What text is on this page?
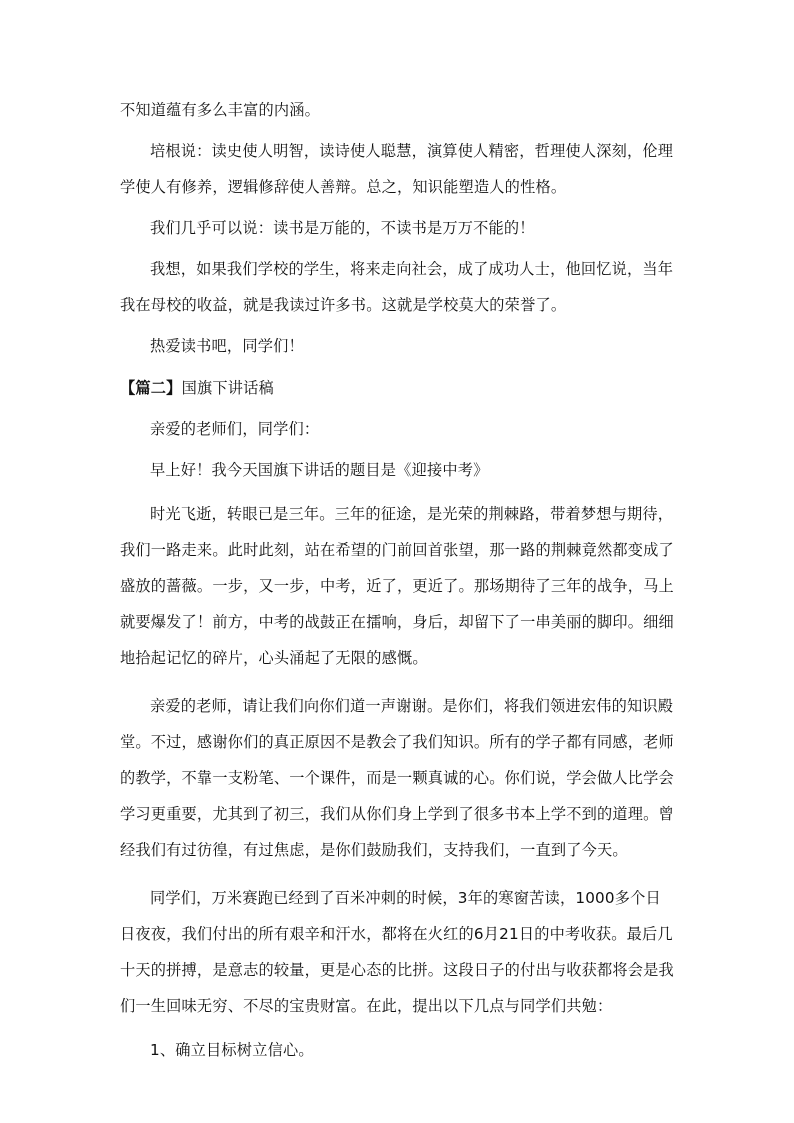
不知道蕴有多么丰富的内涵。

培根说：读史使人明智，读诗使人聪慧，演算使人精密，哲理使人深刻，伦理学使人有修养，逻辑修辞使人善辩。总之，知识能塑造人的性格。

我们几乎可以说：读书是万能的，不读书是万万不能的！

我想，如果我们学校的学生，将来走向社会，成了成功人士，他回忆说，当年我在母校的收益，就是我读过许多书。这就是学校莫大的荣誉了。

热爱读书吧，同学们！

【篇二】国旗下讲话稿

亲爱的老师们，同学们：

早上好！我今天国旗下讲话的题目是《迎接中考》

时光飞逝，转眼已是三年。三年的征途，是光荣的荆棘路，带着梦想与期待，我们一路走来。此时此刻，站在希望的门前回首张望，那一路的荆棘竟然都变成了盛放的蔷薇。一步，又一步，中考，近了，更近了。那场期待了三年的战争，马上就要爆发了！前方，中考的战鼓正在擂响，身后，却留下了一串美丽的脚印。细细地拾起记忆的碎片，心头涌起了无限的感慨。

亲爱的老师，请让我们向你们道一声谢谢。是你们，将我们领进宏伟的知识殿堂。不过，感谢你们的真正原因不是教会了我们知识。所有的学子都有同感，老师的教学，不靠一支粉笔、一个课件，而是一颗真诚的心。你们说，学会做人比学会学习更重要，尤其到了初三，我们从你们身上学到了很多书本上学不到的道理。曾经我们有过彷徨，有过焦虑，是你们鼓励我们，支持我们，一直到了今天。

同学们，万米赛跑已经到了百米冲刺的时候，3年的寒窗苦读，1000多个日日夜夜，我们付出的所有艰辛和汗水，都将在火红的6月21日的中考收获。最后几十天的拼搏，是意志的较量，更是心态的比拼。这段日子的付出与收获都将会是我们一生回味无穷、不尽的宝贵财富。在此，提出以下几点与同学们共勉：

1、确立目标树立信心。
